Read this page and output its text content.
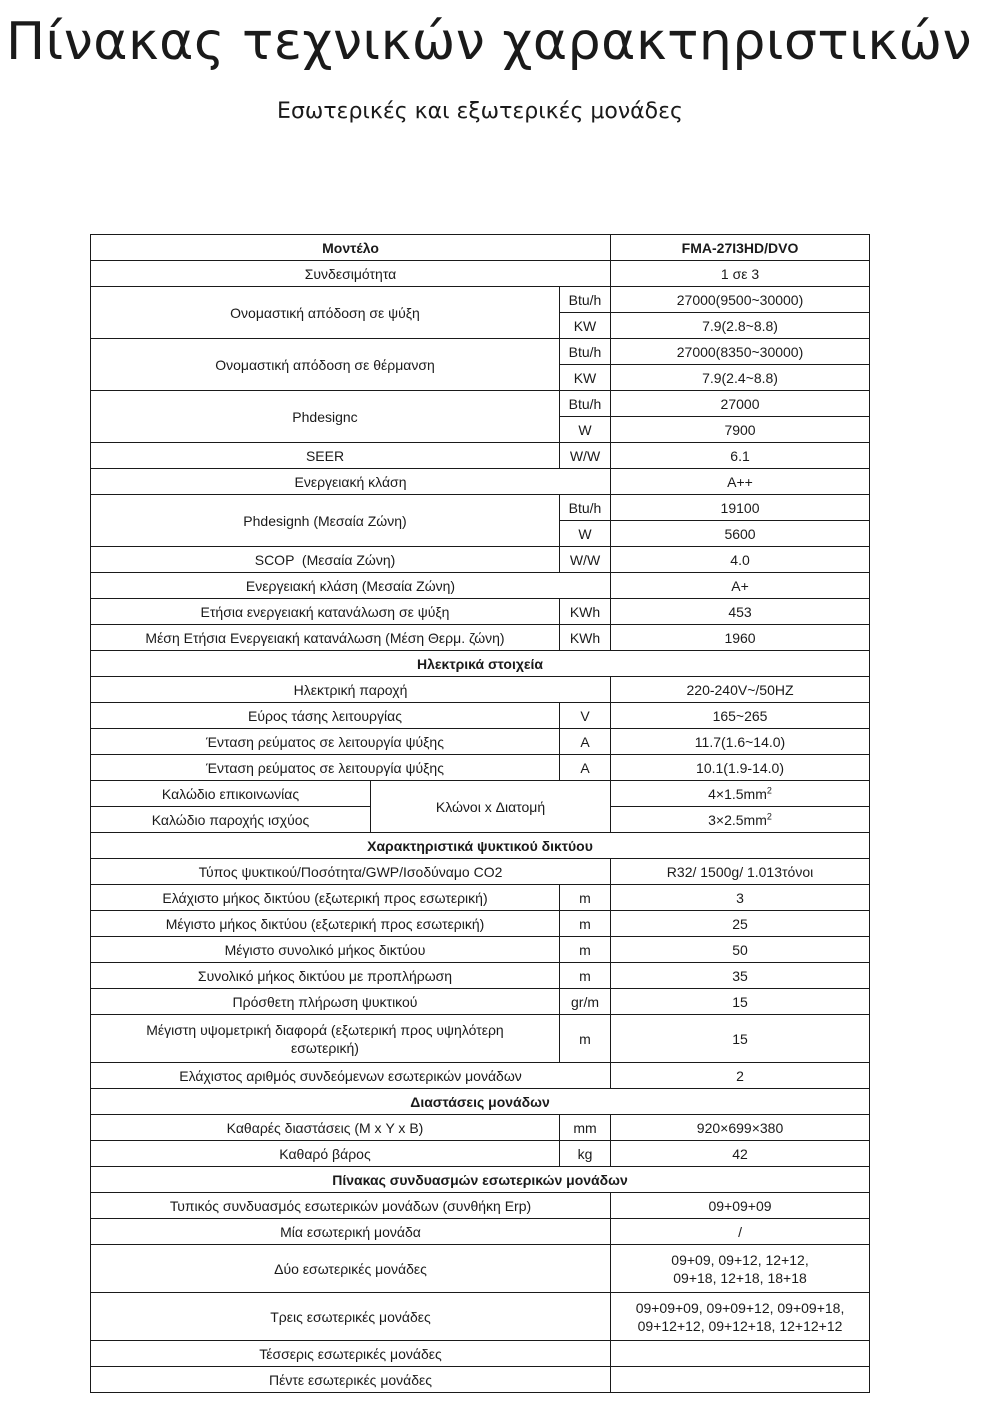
Πίνακας τεχνικών χαρακτηριστικών
Εσωτερικές και εξωτερικές μονάδες
Μοντέλο			FMA-27I3HD/DVO
Συνδεσιμότητα			1 σε 3
Ονομαστική απόδοση σε ψύξη		Btu/h	27000(9500~30000)
		KW	7.9(2.8~8.8)
Ονομαστική απόδοση σε θέρμανση		Btu/h	27000(8350~30000)
		KW	7.9(2.4~8.8)
Phdesignc		Btu/h	27000
		W	7900
SEER		W/W	6.1
Ενεργειακή κλάση			A++
Phdesignh (Μεσαία Ζώνη)		Btu/h	19100
		W	5600
SCOP  (Μεσαία Ζώνη)		W/W	4.0
Ενεργειακή κλάση (Μεσαία Ζώνη)			A+
Ετήσια ενεργειακή κατανάλωση σε ψύξη		KWh	453
Μέση Ετήσια Ενεργειακή κατανάλωση (Μέση Θερμ. ζώνη)		KWh	1960
Ηλεκτρικά στοιχεία			
Ηλεκτρική παροχή			220-240V~/50HZ
Εύρος τάσης λειτουργίας		V	165~265
Ένταση ρεύματος σε λειτουργία ψύξης		A	11.7(1.6~14.0)
Ένταση ρεύματος σε λειτουργία ψύξης		A	10.1(1.9-14.0)
Καλώδιο επικοινωνίας	Κλώνοι x Διατομή		$4\times 1.5mm^2$
Καλώδιο παροχής ισχύος			$3\times 2.5mm^2$
Χαρακτηριστικά ψυκτικού δικτύου			
Τύπος ψυκτικού/Ποσότητα/GWP/Ισοδύναμο CO2			R32/ 1500g/ 1.013τόνοι
Ελάχιστο μήκος δικτύου (εξωτερική προς εσωτερική)		m	3
Μέγιστο μήκος δικτύου (εξωτερική προς εσωτερική)		m	25
Μέγιστο συνολικό μήκος δικτύου		m	50
Συνολικό μήκος δικτύου με προπλήρωση		m	35
Πρόσθετη πλήρωση ψυκτικού		gr/m	15
Μέγιστη υψομετρική διαφορά (εξωτερική προς υψηλότερη
εσωτερική)		m	15
Ελάχιστος αριθμός συνδεόμενων εσωτερικών μονάδων			2
Διαστάσεις μονάδων			
Καθαρές διαστάσεις (Μ x Υ x Β)		mm	920×699×380
Καθαρό βάρος		kg	42
Πίνακας συνδυασμών εσωτερικών μονάδων			
Τυπικός συνδυασμός εσωτερικών μονάδων (συνθήκη Erp)			09+09+09
Μία εσωτερική μονάδα			/
Δύο εσωτερικές μονάδες			09+09, 09+12, 12+12,
09+18, 12+18, 18+18
Τρεις εσωτερικές μονάδες			09+09+09, 09+09+12, 09+09+18,
09+12+12, 09+12+18, 12+12+12
Τέσσερις εσωτερικές μονάδες			
Πέντε εσωτερικές μονάδες			
